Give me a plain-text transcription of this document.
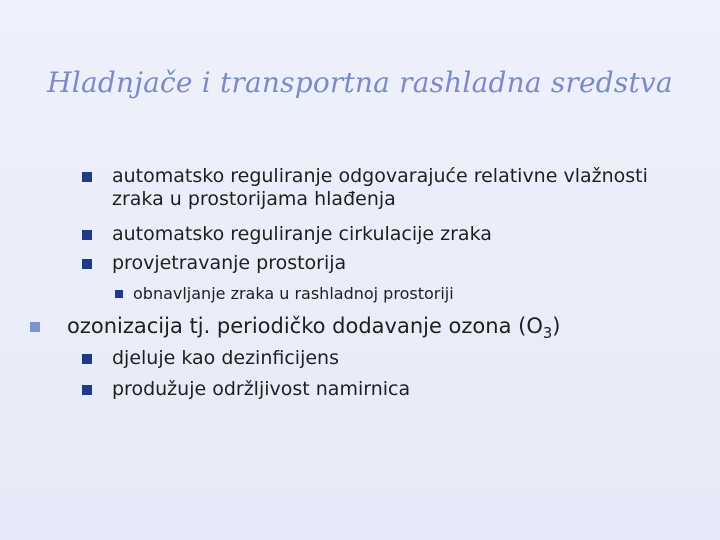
Hladnjače i transportna rashladna sredstva
automatsko reguliranje odgovarajuće relativne vlažnosti
zraka u prostorijama hlađenja
automatsko reguliranje cirkulacije zraka
provjetravanje prostorija
obnavljanje zraka u rashladnoj prostoriji
ozonizacija tj. periodičko dodavanje ozona $(O_3)$
djeluje kao dezinficijens
produžuje održljivost namirnica
